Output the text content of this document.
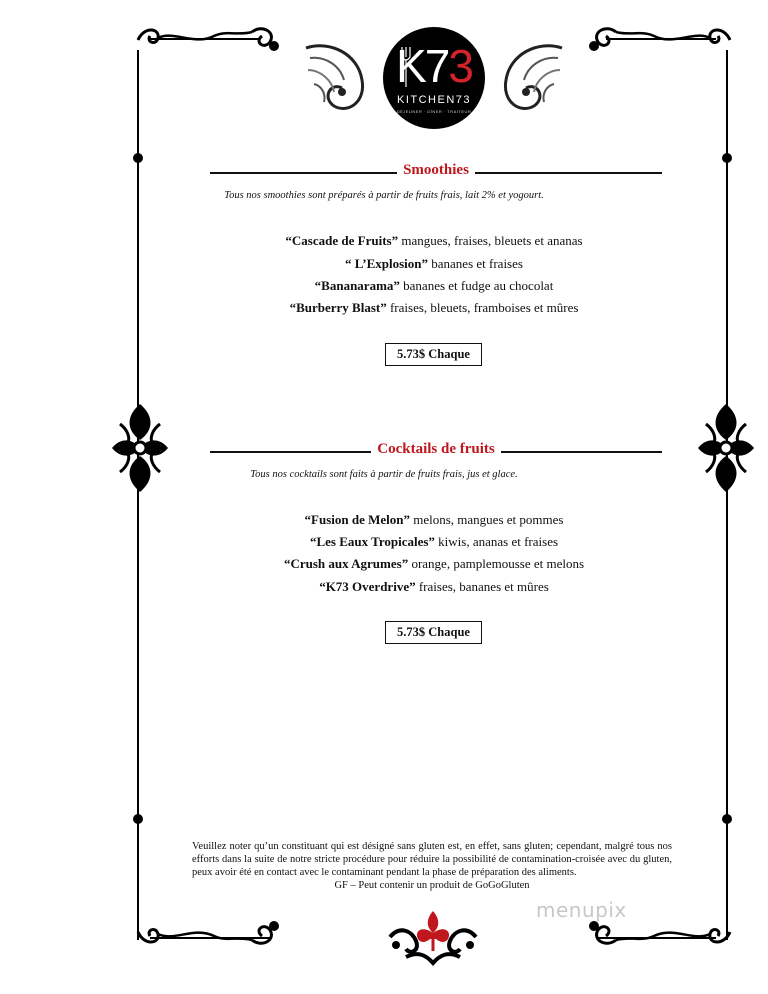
K73
KITCHEN73
DÉJEUNER · DÎNER · TRAITEUR
Smoothies
Tous nos smoothies sont préparés à partir de fruits frais, lait 2% et yogourt.
“Cascade de Fruits” mangues, fraises, bleuets et ananas
“ L’Explosion” bananes et fraises
“Bananarama” bananes et fudge au chocolat
“Burberry Blast” fraises, bleuets, framboises et mûres
5.73$ Chaque
Cocktails de fruits
Tous nos cocktails sont faits à partir de fruits frais, jus et glace.
“Fusion de Melon” melons, mangues et pommes
“Les Eaux Tropicales” kiwis, ananas et fraises
“Crush aux Agrumes” orange, pamplemousse et melons
“K73 Overdrive” fraises, bananes et mûres
5.73$ Chaque
Veuillez noter qu’un constituant qui est désigné sans gluten est, en effet, sans gluten; cependant, malgré tous nos efforts dans la suite de notre stricte procédure pour réduire la possibilité de contamination-croisée avec du gluten, peux avoir été en contact avec le contaminant pendant la phase de préparation des aliments.
GF – Peut contenir un produit de GoGoGluten
menupix
